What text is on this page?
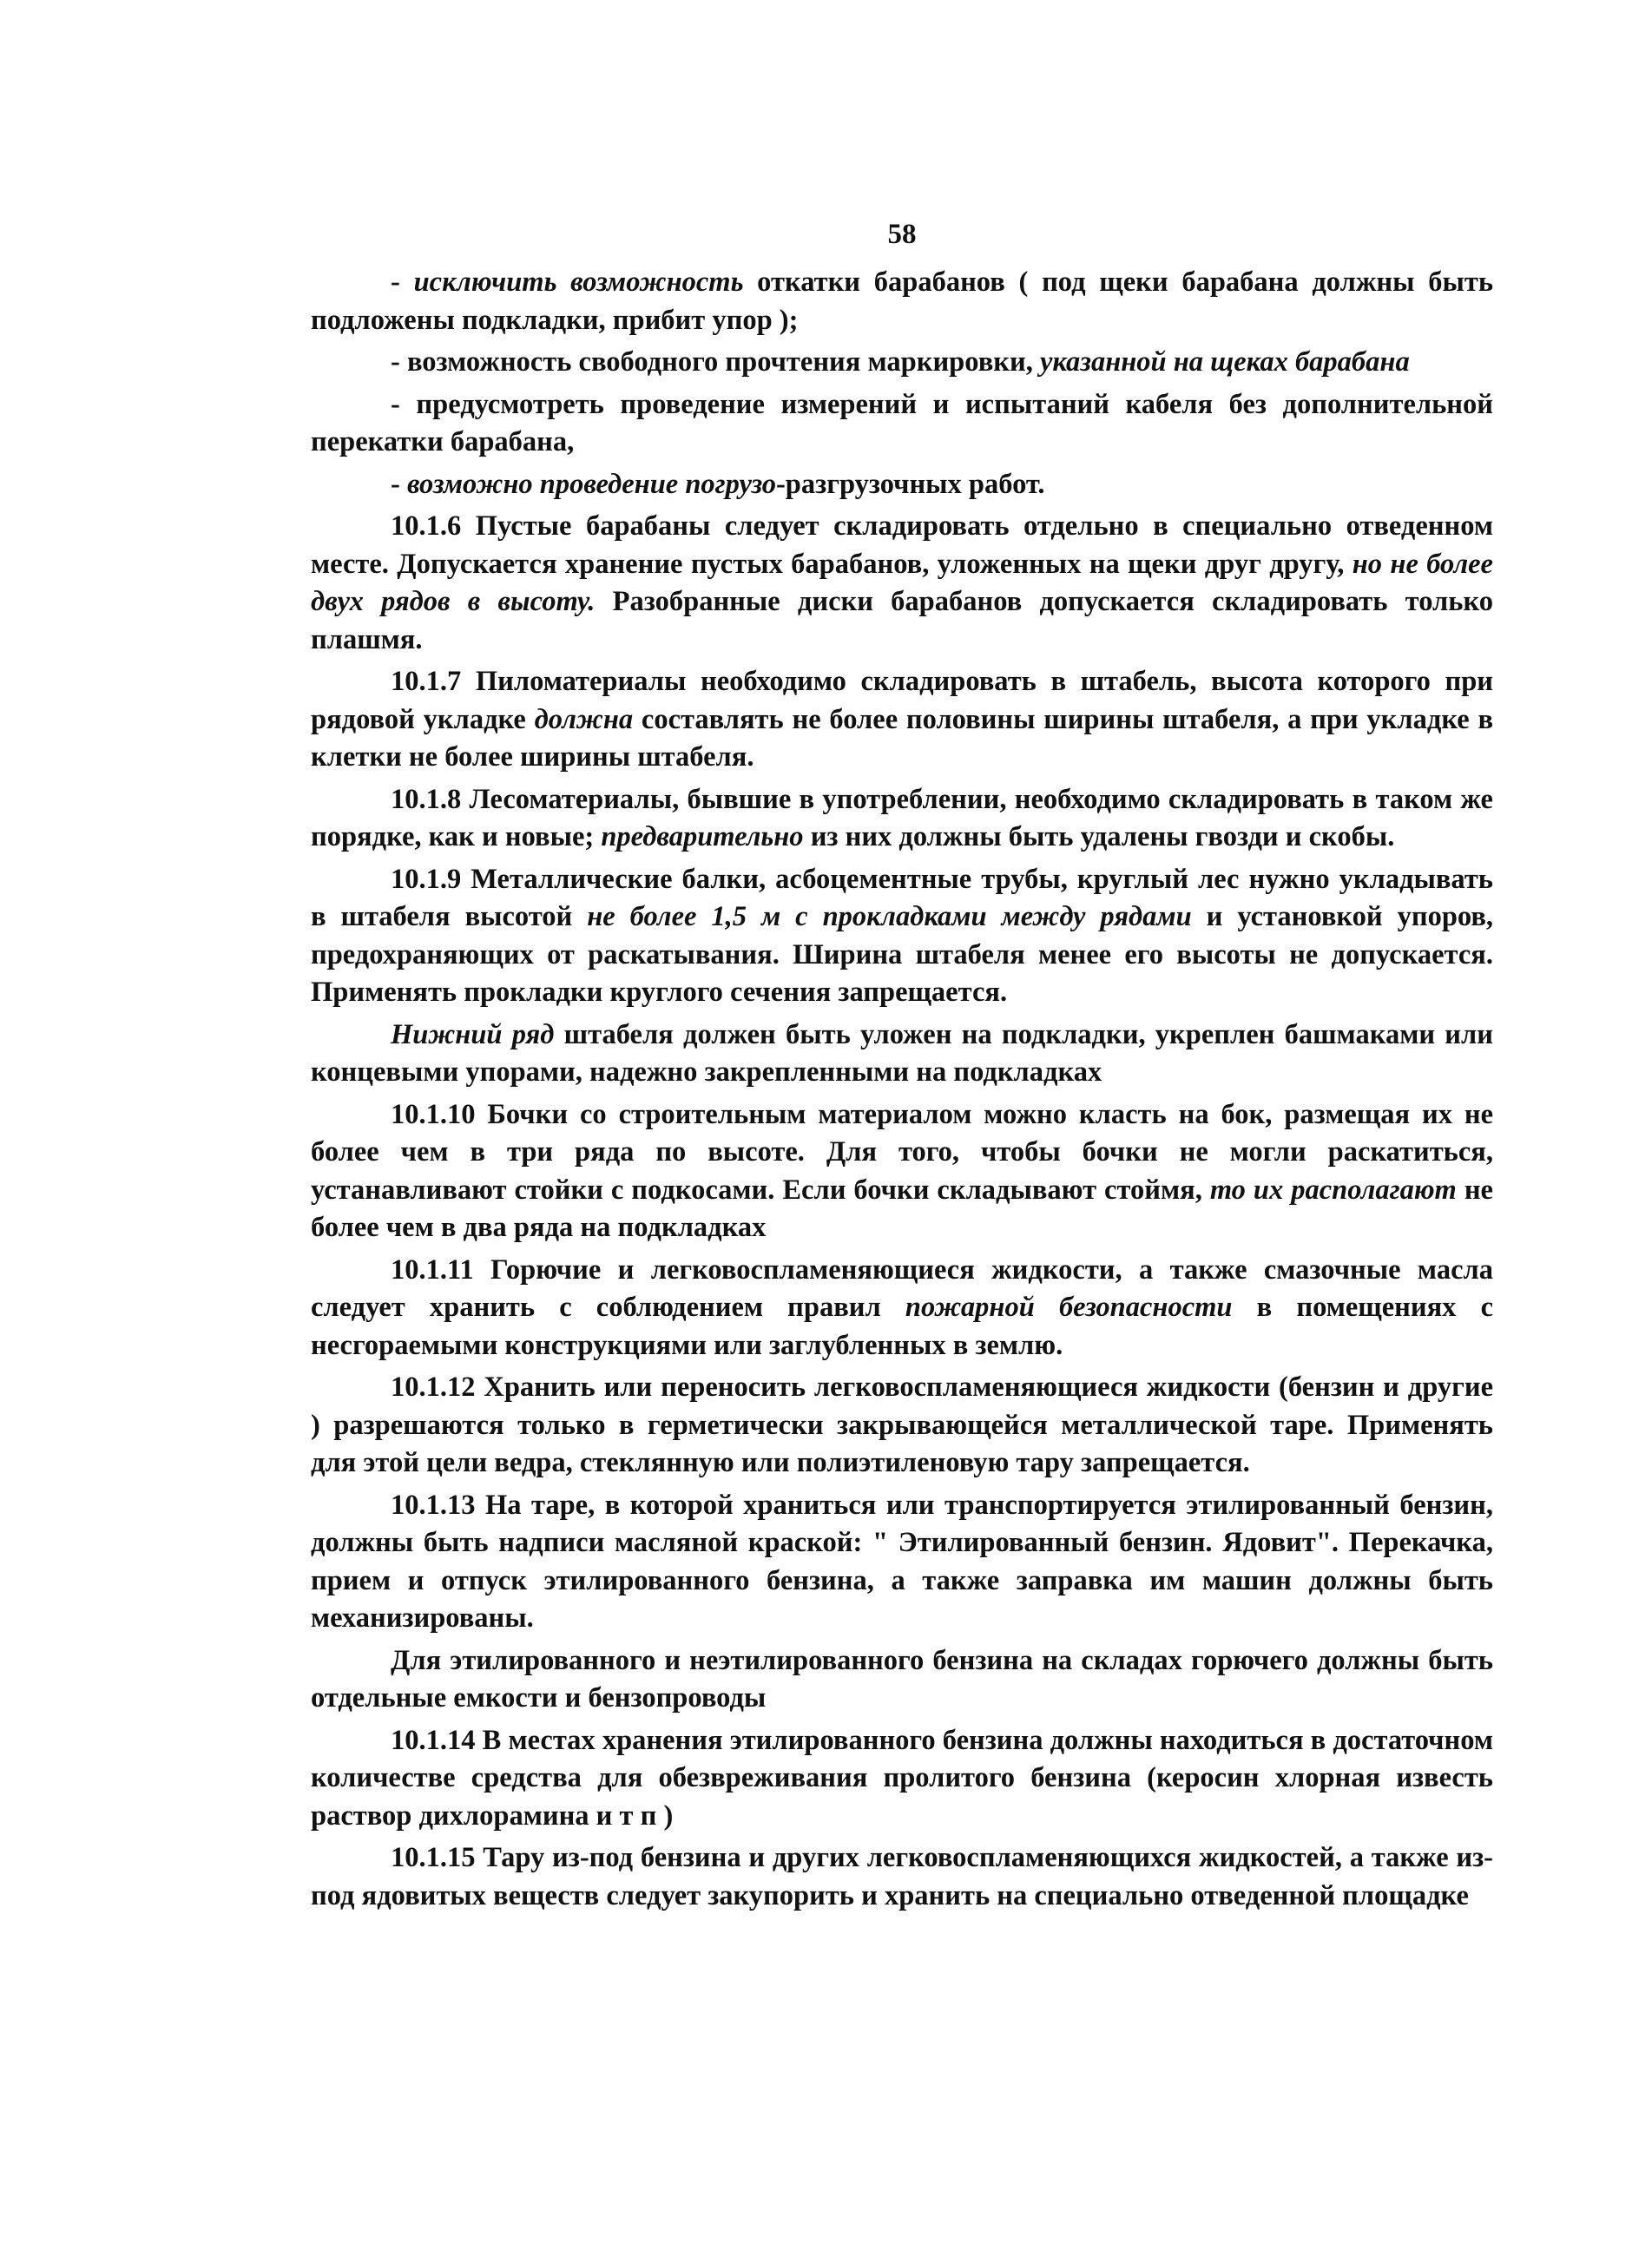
58
- исключить возможность откатки барабанов ( под щеки барабана должны быть подложены подкладки, прибит упор );
- возможность свободного прочтения маркировки, указанной на щеках барабана
- предусмотреть проведение измерений и испытаний кабеля без дополнительной перекатки барабана,
- возможно проведение погрузо-разгрузочных работ.
10.1.6 Пустые барабаны следует складировать отдельно в специально отведенном месте. Допускается хранение пустых барабанов, уложенных на щеки друг другу, но не более двух рядов в высоту. Разобранные диски барабанов допускается складировать только плашмя.
10.1.7 Пиломатериалы необходимо складировать в штабель, высота которого при рядовой укладке должна составлять не более половины ширины штабеля, а при укладке в клетки не более ширины штабеля.
10.1.8 Лесоматериалы, бывшие в употреблении, необходимо складировать в таком же порядке, как и новые; предварительно из них должны быть удалены гвозди и скобы.
10.1.9 Металлические балки, асбоцементные трубы, круглый лес нужно укладывать в штабеля высотой не более 1,5 м с прокладками между рядами и установкой упоров, предохраняющих от раскатывания. Ширина штабеля менее его высоты не допускается. Применять прокладки круглого сечения запрещается.
Нижний ряд штабеля должен быть уложен на подкладки, укреплен башмаками или концевыми упорами, надежно закрепленными на подкладках
10.1.10 Бочки со строительным материалом можно класть на бок, размещая их не более чем в три ряда по высоте. Для того, чтобы бочки не могли раскатиться, устанавливают стойки с подкосами. Если бочки складывают стоймя, то их располагают не более чем в два ряда на подкладках
10.1.11 Горючие и легковоспламеняющиеся жидкости, а также смазочные масла следует хранить с соблюдением правил пожарной безопасности в помещениях с несгораемыми конструкциями или заглубленных в землю.
10.1.12 Хранить или переносить легковоспламеняющиеся жидкости (бензин и другие ) разрешаются только в герметически закрывающейся металлической таре. Применять для этой цели ведра, стеклянную или полиэтиленовую тару запрещается.
10.1.13 На таре, в которой храниться или транспортируется этилированный бензин, должны быть надписи масляной краской: " Этилированный бензин. Ядовит". Перекачка, прием и отпуск этилированного бензина, а также заправка им машин должны быть механизированы.
Для этилированного и неэтилированного бензина на складах горючего должны быть отдельные емкости и бензопроводы
10.1.14 В местах хранения этилированного бензина должны находиться в достаточном количестве средства для обезвреживания пролитого бензина (керосин хлорная известь раствор дихлорамина и т п )
10.1.15 Тару из-под бензина и других легковоспламеняющихся жидкостей, а также из-под ядовитых веществ следует закупорить и хранить на специально отведенной площадке
